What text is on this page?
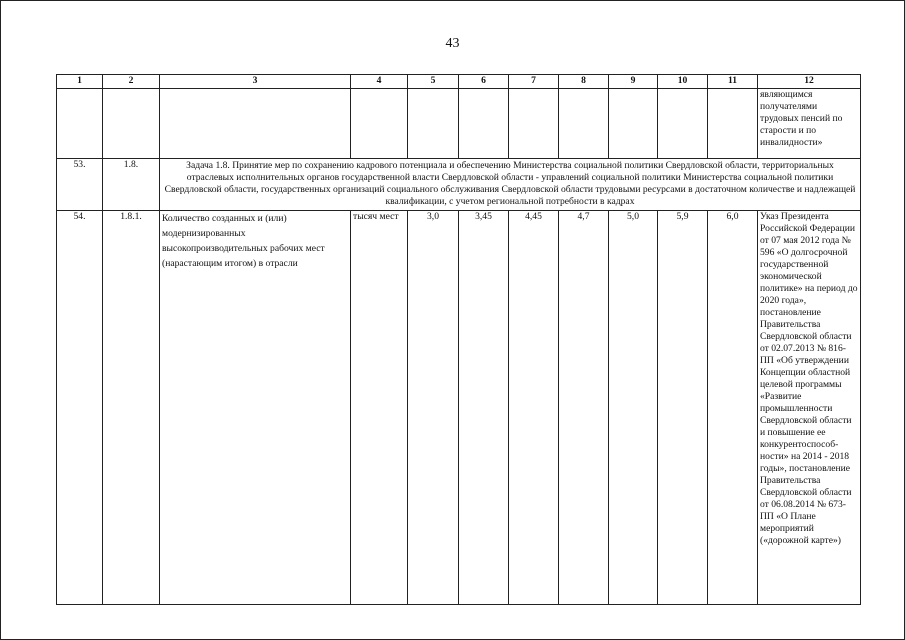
43
1	2	3	4	5	6	7	8	9	10	11	12
											являющимся получателями трудовых пенсий по старости и по инвалидности»
53.	1.8.	Задача 1.8. Принятие мер по сохранению кадрового потенциала и обеспечению Министерства социальной политики Свердловской области, территориальных отраслевых исполнительных органов государственной власти Свердловской области - управлений социальной политики Министерства социальной политики Свердловской области, государственных организаций социального обслуживания Свердловской области трудовыми ресурсами в достаточном количестве и надлежащей квалификации, с учетом региональной потребности в кадрах									
54.	1.8.1.	Количество созданных и (или) модернизированных высокопроизводительных рабочих мест (нарастающим итогом) в отрасли	тысяч мест	3,0	3,45	4,45	4,7	5,0	5,9	6,0	Указ Президента Российской Федерации от 07 мая 2012 года № 596 «О долгосрочной государственной экономической политике» на период до 2020 года», постановление Правительства Свердловской области от 02.07.2013 № 816-ПП «Об утверждении Концепции областной целевой программы «Развитие промышленности Свердловской области и повышение ее конкурентоспособ-ности» на 2014 - 2018 годы», постановление Правительства Свердловской области от 06.08.2014 № 673-ПП «О Плане мероприятий («дорожной карте»)
